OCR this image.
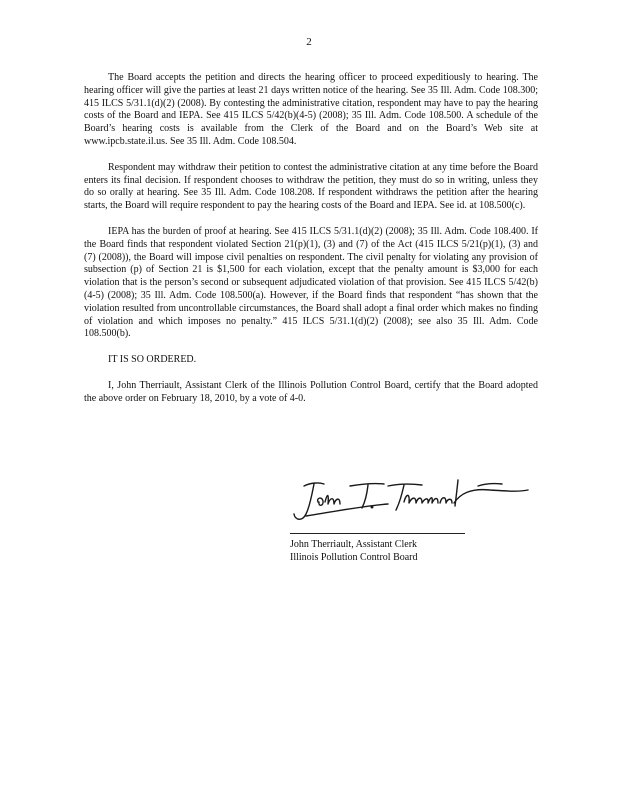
2

The Board accepts the petition and directs the hearing officer to proceed expeditiously to hearing. The hearing officer will give the parties at least 21 days written notice of the hearing. See 35 Ill. Adm. Code 108.300; 415 ILCS 5/31.1(d)(2) (2008). By contesting the administrative citation, respondent may have to pay the hearing costs of the Board and IEPA. See 415 ILCS 5/42(b)(4-5) (2008); 35 Ill. Adm. Code 108.500. A schedule of the Board’s hearing costs is available from the Clerk of the Board and on the Board’s Web site at www.ipcb.state.il.us. See 35 Ill. Adm. Code 108.504.

Respondent may withdraw their petition to contest the administrative citation at any time before the Board enters its final decision. If respondent chooses to withdraw the petition, they must do so in writing, unless they do so orally at hearing. See 35 Ill. Adm. Code 108.208. If respondent withdraws the petition after the hearing starts, the Board will require respondent to pay the hearing costs of the Board and IEPA. See id. at 108.500(c).

IEPA has the burden of proof at hearing. See 415 ILCS 5/31.1(d)(2) (2008); 35 Ill. Adm. Code 108.400. If the Board finds that respondent violated Section 21(p)(1), (3) and (7) of the Act (415 ILCS 5/21(p)(1), (3) and (7) (2008)), the Board will impose civil penalties on respondent. The civil penalty for violating any provision of subsection (p) of Section 21 is $1,500 for each violation, except that the penalty amount is $3,000 for each violation that is the person’s second or subsequent adjudicated violation of that provision. See 415 ILCS 5/42(b)(4-5) (2008); 35 Ill. Adm. Code 108.500(a). However, if the Board finds that respondent “has shown that the violation resulted from uncontrollable circumstances, the Board shall adopt a final order which makes no finding of violation and which imposes no penalty.” 415 ILCS 5/31.1(d)(2) (2008); see also 35 Ill. Adm. Code 108.500(b).

IT IS SO ORDERED.

I, John Therriault, Assistant Clerk of the Illinois Pollution Control Board, certify that the Board adopted the above order on February 18, 2010, by a vote of 4-0.

John Therriault, Assistant Clerk
Illinois Pollution Control Board
